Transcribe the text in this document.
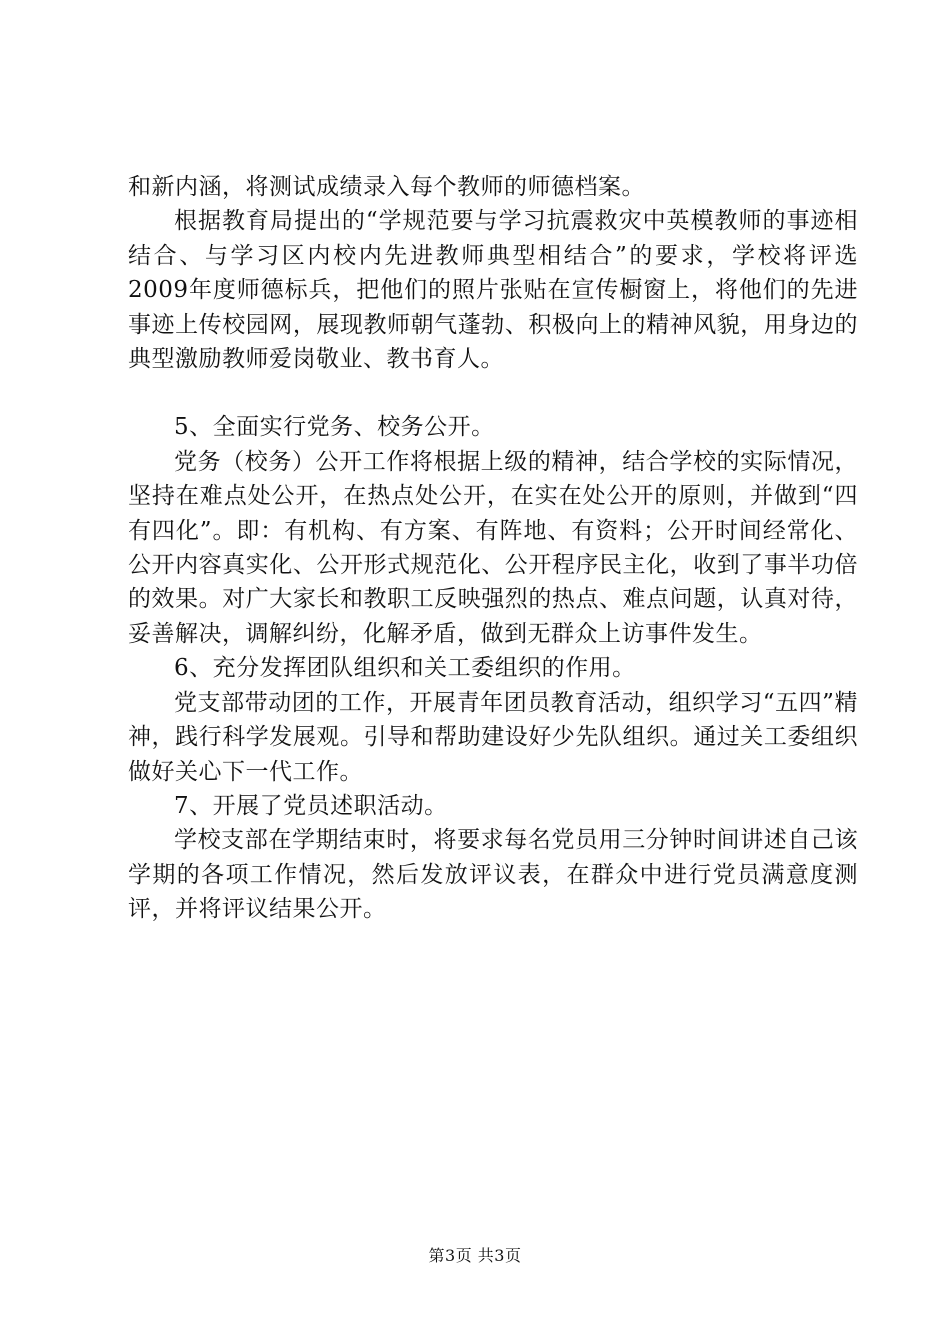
和新内涵，将测试成绩录入每个教师的师德档案。

根据教育局提出的“学规范要与学习抗震救灾中英模教师的事迹相结合、与学习区内校内先进教师典型相结合”的要求，学校将评选2009年度师德标兵，把他们的照片张贴在宣传橱窗上，将他们的先进事迹上传校园网，展现教师朝气蓬勃、积极向上的精神风貌，用身边的典型激励教师爱岗敬业、教书育人。

5、全面实行党务、校务公开。

党务（校务）公开工作将根据上级的精神，结合学校的实际情况，坚持在难点处公开，在热点处公开，在实在处公开的原则，并做到“四有四化”。即：有机构、有方案、有阵地、有资料；公开时间经常化、公开内容真实化、公开形式规范化、公开程序民主化，收到了事半功倍的效果。对广大家长和教职工反映强烈的热点、难点问题，认真对待，妥善解决，调解纠纷，化解矛盾，做到无群众上访事件发生。

6、充分发挥团队组织和关工委组织的作用。

党支部带动团的工作，开展青年团员教育活动，组织学习“五四”精神，践行科学发展观。引导和帮助建设好少先队组织。通过关工委组织做好关心下一代工作。

7、开展了党员述职活动。

学校支部在学期结束时，将要求每名党员用三分钟时间讲述自己该学期的各项工作情况，然后发放评议表，在群众中进行党员满意度测评，并将评议结果公开。

第3页 共3页
